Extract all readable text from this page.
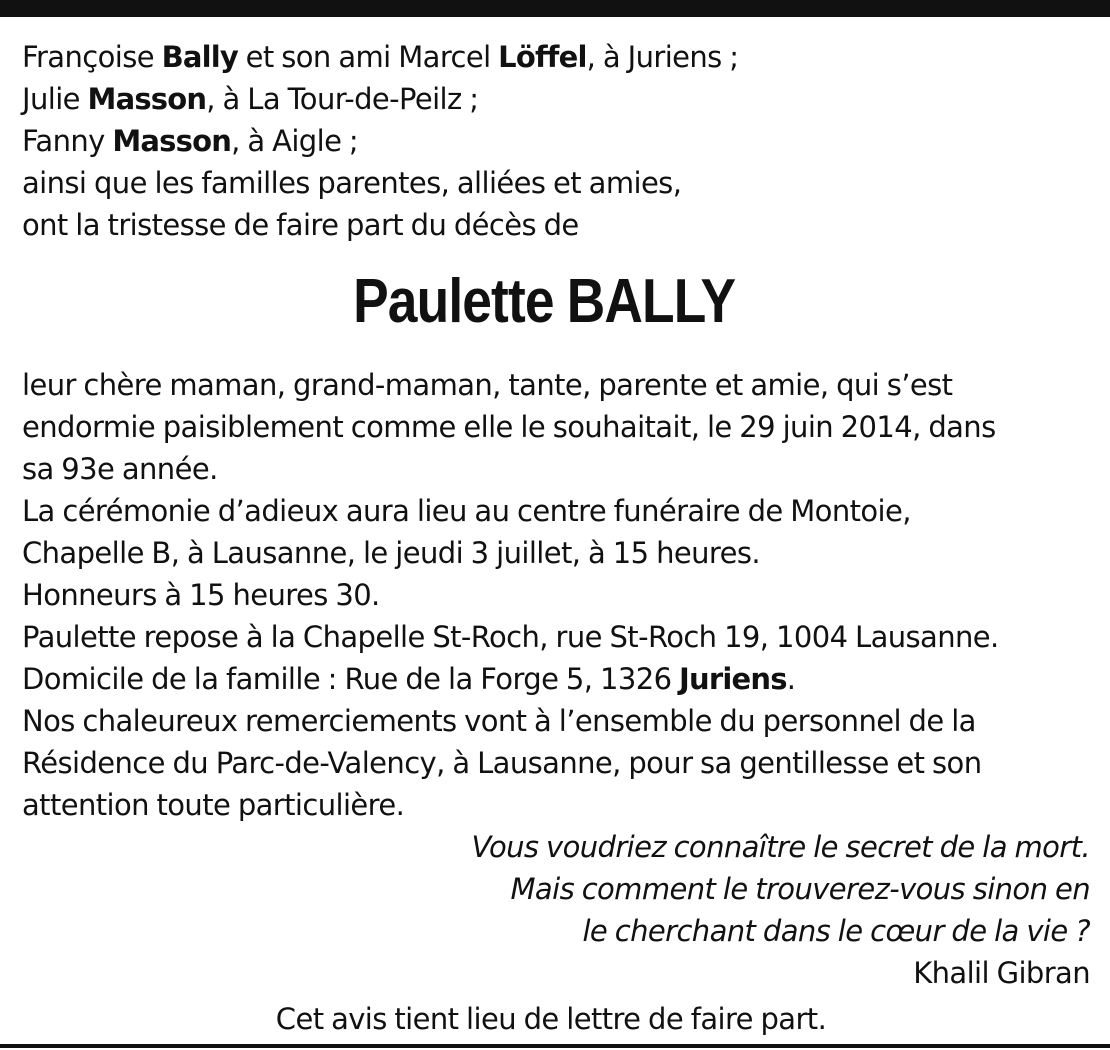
Françoise Bally et son ami Marcel Löffel, à Juriens ;
Julie Masson, à La Tour-de-Peilz ;
Fanny Masson, à Aigle ;
ainsi que les familles parentes, alliées et amies,
ont la tristesse de faire part du décès de
Paulette BALLY
leur chère maman, grand-maman, tante, parente et amie, qui s’est
endormie paisiblement comme elle le souhaitait, le 29 juin 2014, dans
sa 93e année.
La cérémonie d’adieux aura lieu au centre funéraire de Montoie,
Chapelle B, à Lausanne, le jeudi 3 juillet, à 15 heures.
Honneurs à 15 heures 30.
Paulette repose à la Chapelle St-Roch, rue St-Roch 19, 1004 Lausanne.
Domicile de la famille : Rue de la Forge 5, 1326 Juriens.
Nos chaleureux remerciements vont à l’ensemble du personnel de la
Résidence du Parc-de-Valency, à Lausanne, pour sa gentillesse et son
attention toute particulière.
Vous voudriez connaître le secret de la mort.
Mais comment le trouverez-vous sinon en
le cherchant dans le cœur de la vie ?
Khalil Gibran
Cet avis tient lieu de lettre de faire part.
